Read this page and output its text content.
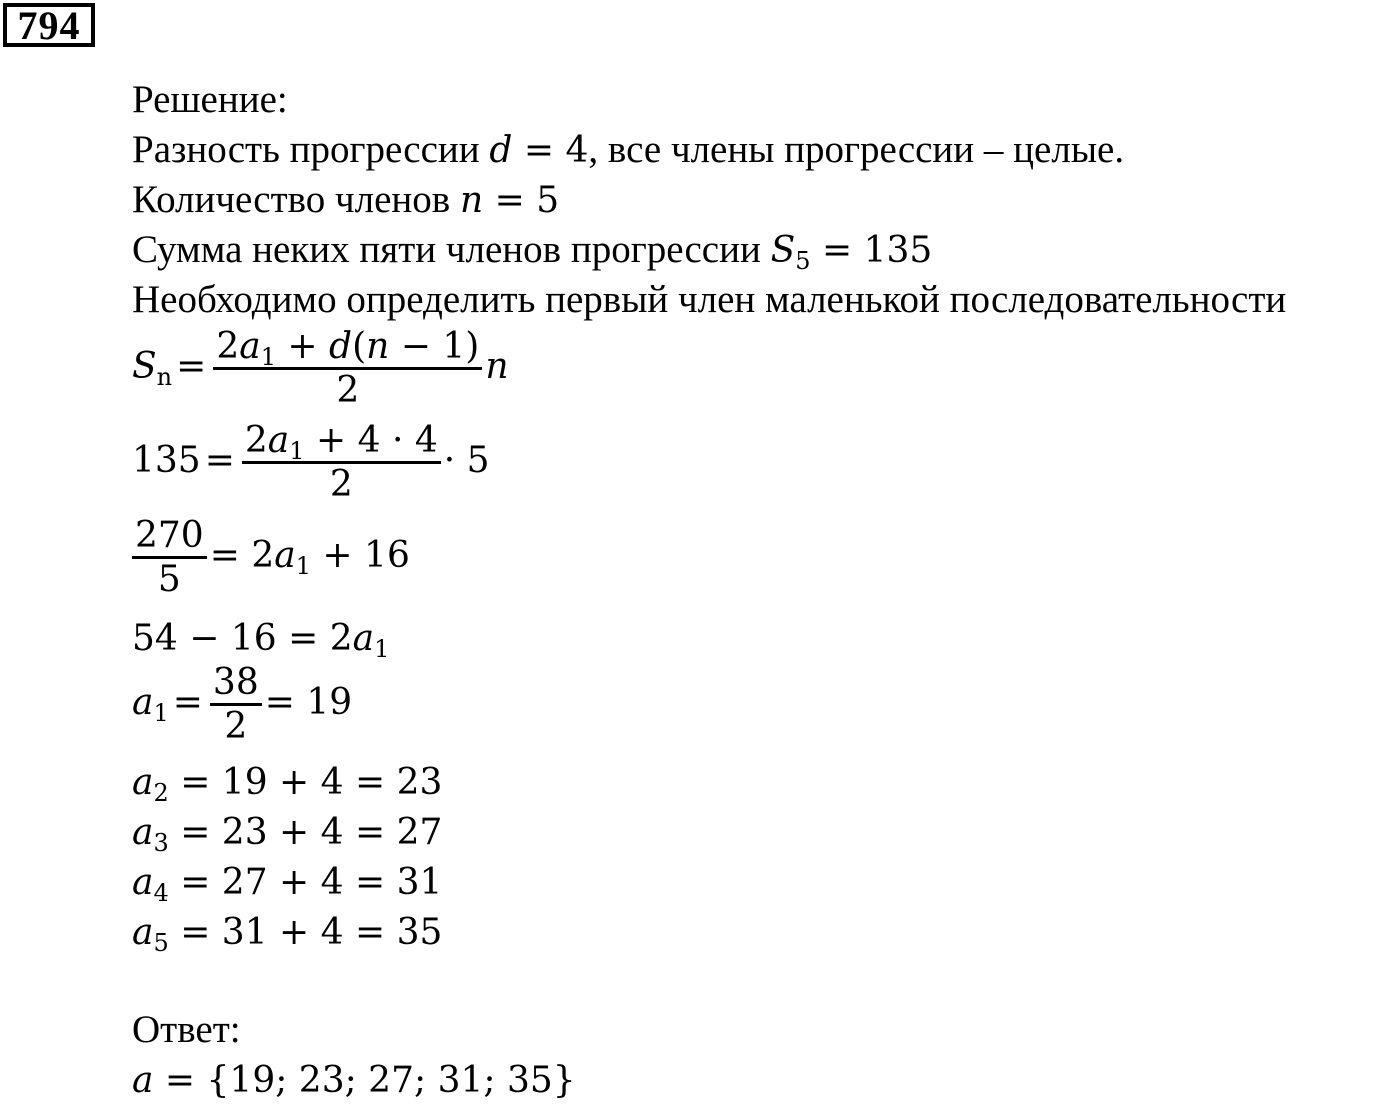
794
Решение:
Разность прогрессии d = 4, все члены прогрессии – целые.
Количество членов n = 5
Сумма неких пяти членов прогрессии $S_5 = 135$
Необходимо определить первый член маленькой последовательности
$S_n = \frac{2a_1 + d(n - 1)}{2}$ n
$135 = \frac{2a_1 + 4 \cdot 4}{2} \cdot 5$
$\frac{270}{5} = 2a_1 + 16$
$54 - 16 = 2a_1$
$a_1 = \frac{38}{2} = 19$
$a_2 = 19 + 4 = 23$
$a_3 = 23 + 4 = 27$
$a_4 = 27 + 4 = 31$
$a_5 = 31 + 4 = 35$
Ответ:
a = {19; 23; 27; 31; 35}
